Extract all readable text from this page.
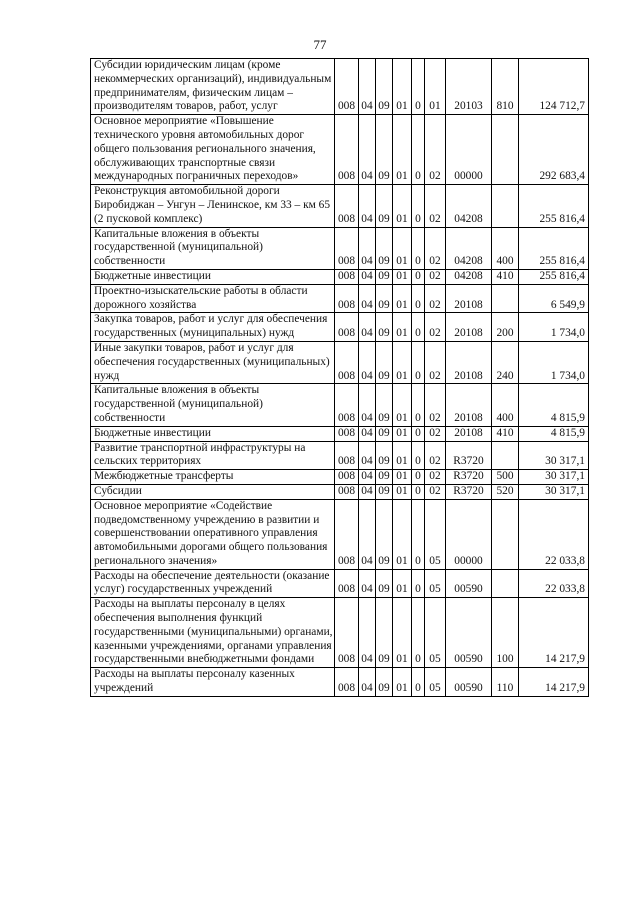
77
Субсидии юридическим лицам (кроме некоммерческих организаций), индивидуальным предпринимателям, физическим лицам – производителям товаров, работ, услуг	008	04	09	01	0	01	20103	810	124 712,7
Основное мероприятие «Повышение технического уровня автомобильных дорог общего пользования регионального значения, обслуживающих транспортные связи международных пограничных переходов»	008	04	09	01	0	02	00000		292 683,4
Реконструкция автомобильной дороги Биробиджан – Унгун – Ленинское, км 33 – км 65 (2 пусковой комплекс)	008	04	09	01	0	02	04208		255 816,4
Капитальные вложения в объекты государственной (муниципальной) собственности	008	04	09	01	0	02	04208	400	255 816,4
Бюджетные инвестиции	008	04	09	01	0	02	04208	410	255 816,4
Проектно-изыскательские работы в области дорожного хозяйства	008	04	09	01	0	02	20108		6 549,9
Закупка товаров, работ и услуг для обеспечения государственных (муниципальных) нужд	008	04	09	01	0	02	20108	200	1 734,0
Иные закупки товаров, работ и услуг для обеспечения государственных (муниципальных) нужд	008	04	09	01	0	02	20108	240	1 734,0
Капитальные вложения в объекты государственной (муниципальной) собственности	008	04	09	01	0	02	20108	400	4 815,9
Бюджетные инвестиции	008	04	09	01	0	02	20108	410	4 815,9
Развитие транспортной инфраструктуры на сельских территориях	008	04	09	01	0	02	R3720		30 317,1
Межбюджетные трансферты	008	04	09	01	0	02	R3720	500	30 317,1
Субсидии	008	04	09	01	0	02	R3720	520	30 317,1
Основное мероприятие «Содействие подведомственному учреждению в развитии и совершенствовании оперативного управления автомобильными дорогами общего пользования регионального значения»	008	04	09	01	0	05	00000		22 033,8
Расходы на обеспечение деятельности (оказание услуг) государственных учреждений	008	04	09	01	0	05	00590		22 033,8
Расходы на выплаты персоналу в целях обеспечения выполнения функций государственными (муниципальными) органами, казенными учреждениями, органами управления государственными внебюджетными фондами	008	04	09	01	0	05	00590	100	14 217,9
Расходы на выплаты персоналу казенных учреждений	008	04	09	01	0	05	00590	110	14 217,9
